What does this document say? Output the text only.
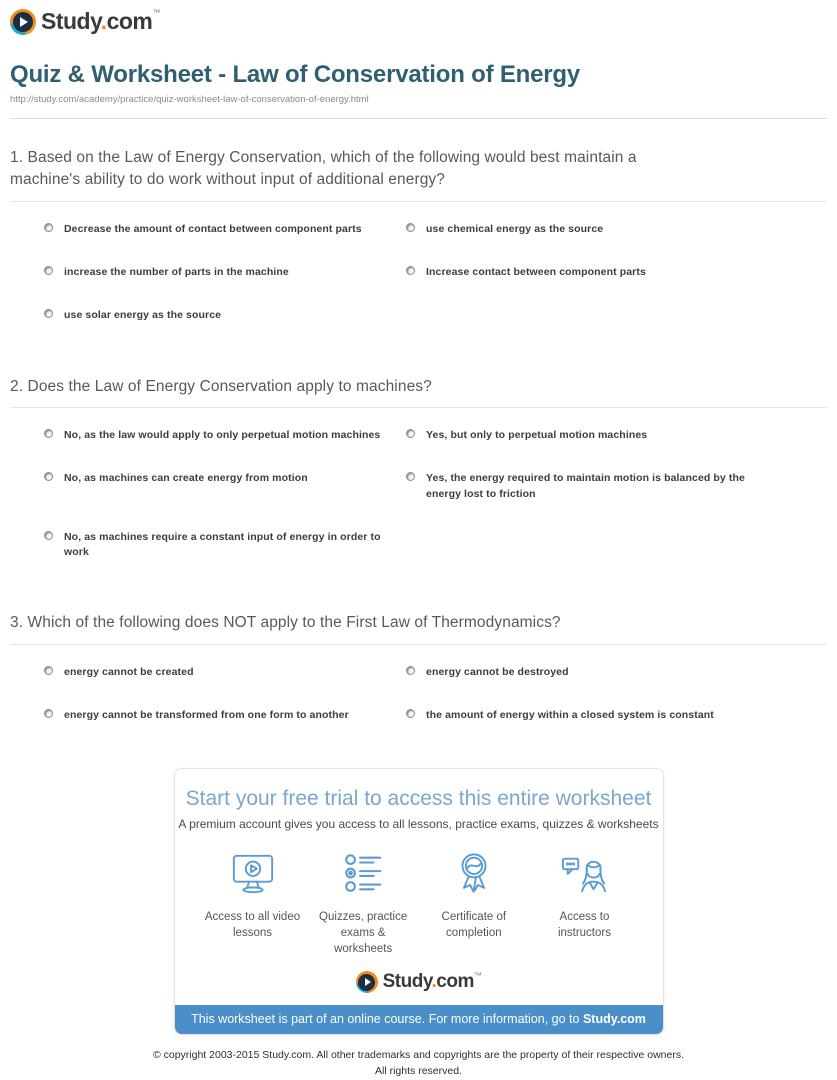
Study.com™
Quiz & Worksheet - Law of Conservation of Energy
http://study.com/academy/practice/quiz-worksheet-law-of-conservation-of-energy.html
1. Based on the Law of Energy Conservation, which of the following would best maintain a machine's ability to do work without input of additional energy?
Decrease the amount of contact between component parts	use chemical energy as the source
increase the number of parts in the machine	Increase contact between component parts
use solar energy as the source
2. Does the Law of Energy Conservation apply to machines?
No, as the law would apply to only perpetual motion machines	Yes, but only to perpetual motion machines
No, as machines can create energy from motion	Yes, the energy required to maintain motion is balanced by the energy lost to friction
No, as machines require a constant input of energy in order to work
3. Which of the following does NOT apply to the First Law of Thermodynamics?
energy cannot be created	energy cannot be destroyed
energy cannot be transformed from one form to another	the amount of energy within a closed system is constant
Start your free trial to access this entire worksheet
A premium account gives you access to all lessons, practice exams, quizzes & worksheets
Access to all video lessons
Quizzes, practice exams & worksheets
Certificate of completion
Access to instructors
Study.com™
This worksheet is part of an online course. For more information, go to Study.com
© copyright 2003-2015 Study.com. All other trademarks and copyrights are the property of their respective owners.
All rights reserved.
